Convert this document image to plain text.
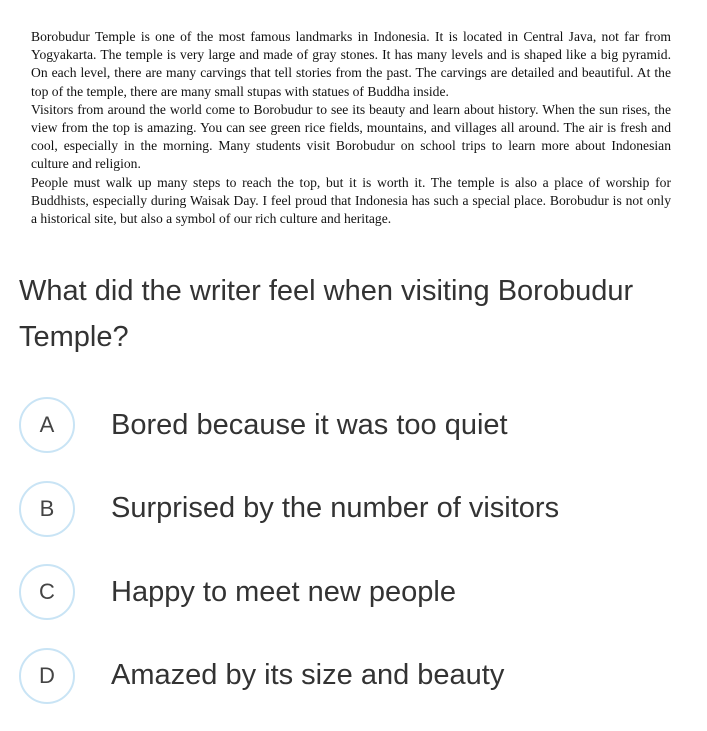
Borobudur Temple is one of the most famous landmarks in Indonesia. It is located in Central Java, not far from Yogyakarta. The temple is very large and made of gray stones. It has many levels and is shaped like a big pyramid. On each level, there are many carvings that tell stories from the past. The carvings are detailed and beautiful. At the top of the temple, there are many small stupas with statues of Buddha inside.

Visitors from around the world come to Borobudur to see its beauty and learn about history. When the sun rises, the view from the top is amazing. You can see green rice fields, mountains, and villages all around. The air is fresh and cool, especially in the morning. Many students visit Borobudur on school trips to learn more about Indonesian culture and religion.

People must walk up many steps to reach the top, but it is worth it. The temple is also a place of worship for Buddhists, especially during Waisak Day. I feel proud that Indonesia has such a special place. Borobudur is not only a historical site, but also a symbol of our rich culture and heritage.

What did the writer feel when visiting Borobudur Temple?
A	Bored because it was too quiet
B	Surprised by the number of visitors
C	Happy to meet new people
D	Amazed by its size and beauty
